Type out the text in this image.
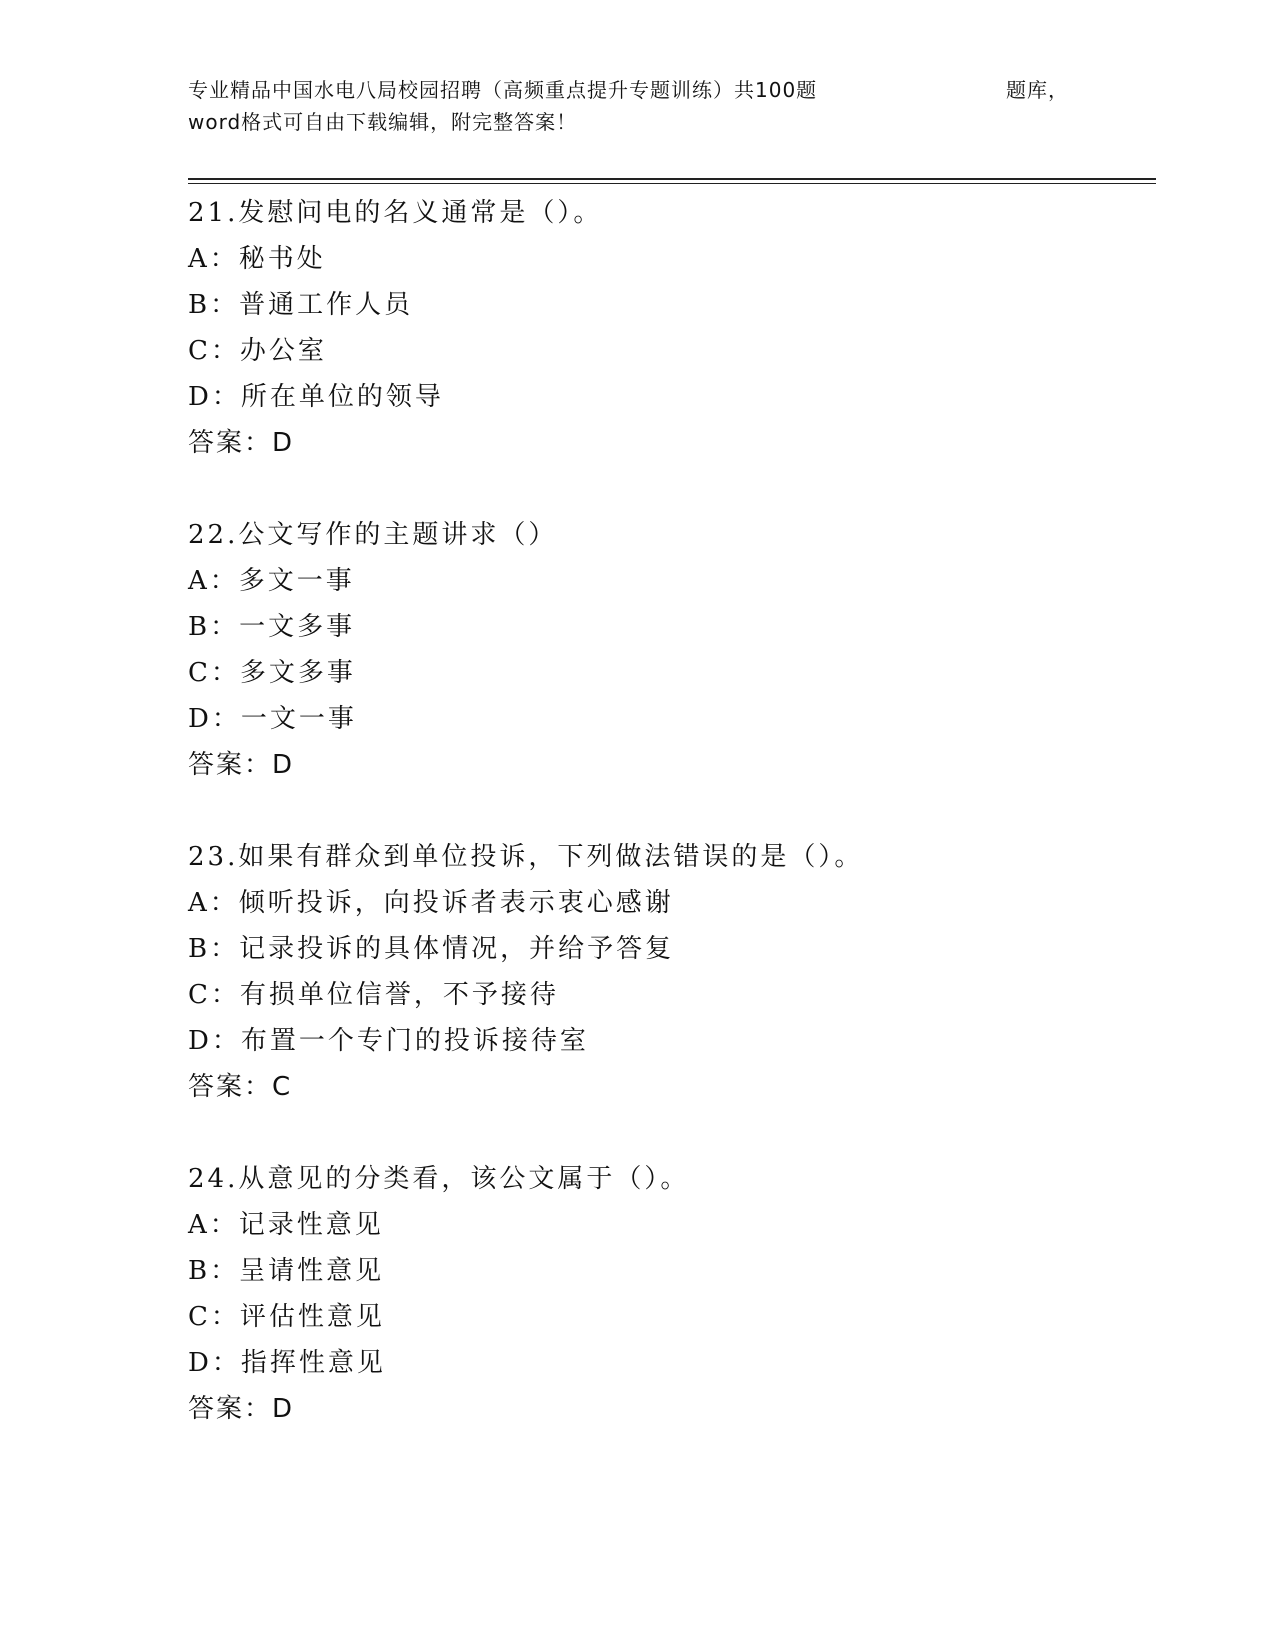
专业精品中国水电八局校园招聘（高频重点提升专题训练）共100题	题库，
word格式可自由下载编辑，附完整答案！
21.发慰问电的名义通常是（）。
A：秘书处
B：普通工作人员
C：办公室
D：所在单位的领导
答案：D
22.公文写作的主题讲求（）
A：多文一事
B：一文多事
C：多文多事
D：一文一事
答案：D
23.如果有群众到单位投诉，下列做法错误的是（）。
A：倾听投诉，向投诉者表示衷心感谢
B：记录投诉的具体情况，并给予答复
C：有损单位信誉，不予接待
D：布置一个专门的投诉接待室
答案：C
24.从意见的分类看，该公文属于（）。
A：记录性意见
B：呈请性意见
C：评估性意见
D：指挥性意见
答案：D
